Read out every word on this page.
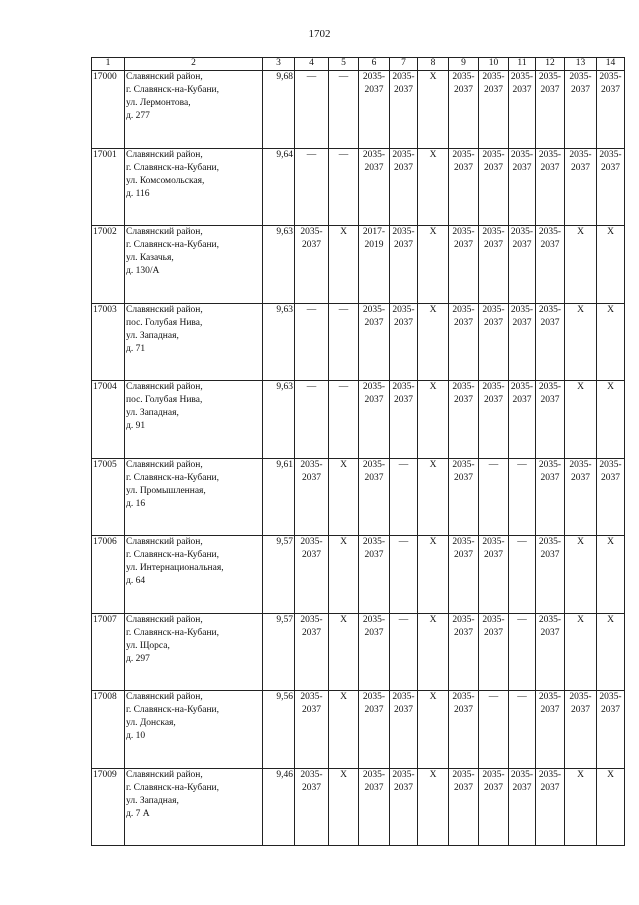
1702
1	2	3	4	5	6	7	8	9	10	11	12	13	14
17000	Славянский район,
г. Славянск-на-Кубани,
ул. Лермонтова,
д. 277	9,68	—	—	2035-
2037	2035-
2037	Х	2035-
2037	2035-
2037	2035-
2037	2035-
2037	2035-
2037	2035-
2037
17001	Славянский район,
г. Славянск-на-Кубани,
ул. Комсомольская,
д. 116	9,64	—	—	2035-
2037	2035-
2037	Х	2035-
2037	2035-
2037	2035-
2037	2035-
2037	2035-
2037	2035-
2037
17002	Славянский район,
г. Славянск-на-Кубани,
ул. Казачья,
д. 130/А	9,63	2035-
2037	Х	2017-
2019	2035-
2037	Х	2035-
2037	2035-
2037	2035-
2037	2035-
2037	Х	Х
17003	Славянский район,
пос. Голубая Нива,
ул. Западная,
д. 71	9,63	—	—	2035-
2037	2035-
2037	Х	2035-
2037	2035-
2037	2035-
2037	2035-
2037	Х	Х
17004	Славянский район,
пос. Голубая Нива,
ул. Западная,
д. 91	9,63	—	—	2035-
2037	2035-
2037	Х	2035-
2037	2035-
2037	2035-
2037	2035-
2037	Х	Х
17005	Славянский район,
г. Славянск-на-Кубани,
ул. Промышленная,
д. 16	9,61	2035-
2037	Х	2035-
2037	—	Х	2035-
2037	—	—	2035-
2037	2035-
2037	2035-
2037
17006	Славянский район,
г. Славянск-на-Кубани,
ул. Интернациональная,
д. 64	9,57	2035-
2037	Х	2035-
2037	—	Х	2035-
2037	2035-
2037	—	2035-
2037	Х	Х
17007	Славянский район,
г. Славянск-на-Кубани,
ул. Щорса,
д. 297	9,57	2035-
2037	Х	2035-
2037	—	Х	2035-
2037	2035-
2037	—	2035-
2037	Х	Х
17008	Славянский район,
г. Славянск-на-Кубани,
ул. Донская,
д. 10	9,56	2035-
2037	Х	2035-
2037	2035-
2037	Х	2035-
2037	—	—	2035-
2037	2035-
2037	2035-
2037
17009	Славянский район,
г. Славянск-на-Кубани,
ул. Западная,
д. 7 А	9,46	2035-
2037	Х	2035-
2037	2035-
2037	Х	2035-
2037	2035-
2037	2035-
2037	2035-
2037	Х	Х
